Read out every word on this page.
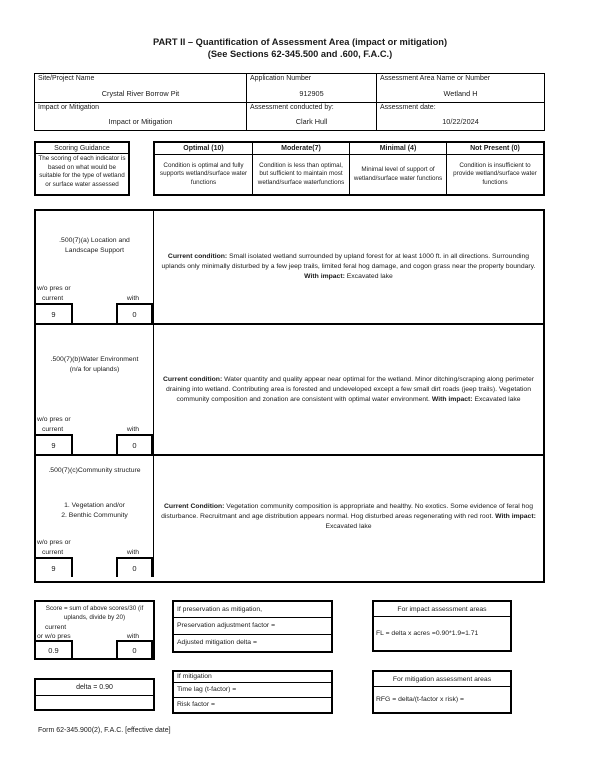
PART II – Quantification of Assessment Area (impact or mitigation)
(See Sections 62-345.500 and .600, F.A.C.)
Site/Project Name
Crystal River Borrow Pit
Application Number
912905
Assessment Area Name or Number
Wetland H
Impact or Mitigation
Impact or Mitigation
Assessment conducted by:
Clark Hull
Assessment date:
10/22/2024
Scoring Guidance
The scoring of each indicator is based on what would be suitable for the type of wetland or surface water assessed
Optimal (10)
Condition is optimal and fully supports wetland/surface water functions
Moderate(7)
Condition is less than optimal, but sufficient to maintain most wetland/surface waterfunctions
Minimal (4)
Minimal level of support of wetland/surface water functions
Not Present (0)
Condition is insufficient to provide wetland/surface water functions
.500(7)(a) Location and
Landscape Support
w/o pres or
current	with
9	0
Current condition: Small isolated wetland surrounded by upland forest for at least 1000 ft. in all directions. Surrounding uplands only minimally disturbed by a few jeep trails, limited feral hog damage, and cogon grass near the property boundary. With impact: Excavated lake
.500(7)(b)Water Environment
(n/a for uplands)
w/o pres or
current	with
9	0
Current condition: Water quantity and quality appear near optimal for the wetland. Minor ditching/scraping along perimeter draining into wetland. Contributing area is forested and undeveloped except a few small dirt roads (jeep trails). Vegetation community composition and zonation are consistent with optimal water environment. With impact: Excavated lake
.500(7)(c)Community structure
1. Vegetation and/or
2. Benthic Community
w/o pres or
current	with
9	0
Current Condition: Vegetation community composition is appropriate and healthy. No exotics. Some evidence of feral hog disturbance. Recruitmant and age distribution appears normal. Hog disturbed areas regenerating with red root. With impact: Excavated lake
Score = sum of above scores/30 (if
uplands, divide by 20)
current
or w/o pres	with
0.9	0
delta = 0.90
If preservation as mitigation,
Preservation adjustment factor =
Adjusted mitigation delta =
If mitigation
Time lag (t-factor) =
Risk factor =
For impact assessment areas
FL = delta x acres =0.90*1.9=1.71
For mitigation assessment areas
RFG = delta/(t-factor x risk) =
Form 62-345.900(2), F.A.C. [effective date]
